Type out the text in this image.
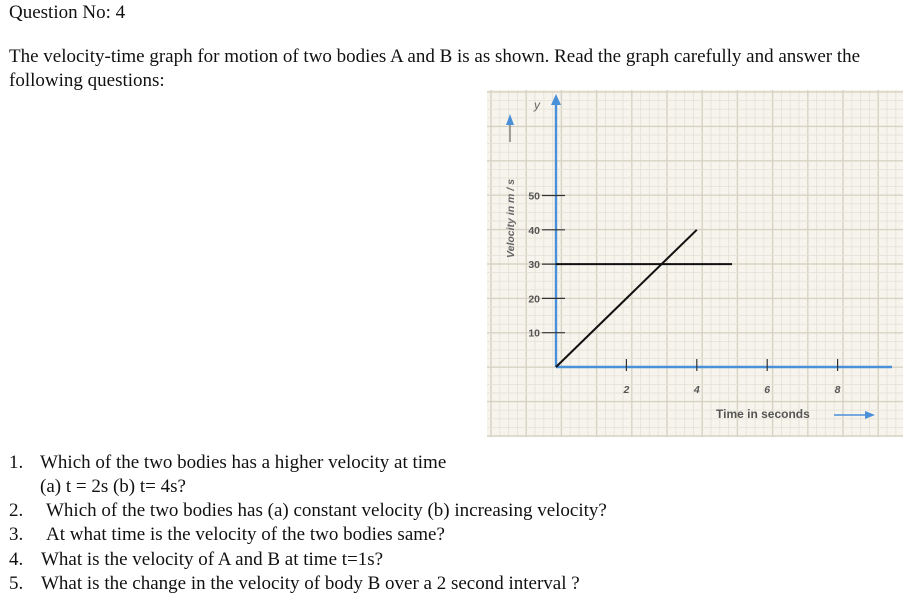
Question No: 4
The velocity-time graph for motion of two bodies A and B is as shown. Read the graph carefully and answer the following questions:
10
20
30
40
50
2	4	6	8
y
Velocity in m / s
Time in seconds
1. Which of the two bodies has a higher velocity at time
(a) t = 2s (b) t= 4s?
2. Which of the two bodies has (a) constant velocity (b) increasing velocity?
3. At what time is the velocity of the two bodies same?
4. What is the velocity of A and B at time t=1s?
5. What is the change in the velocity of body B over a 2 second interval ?
